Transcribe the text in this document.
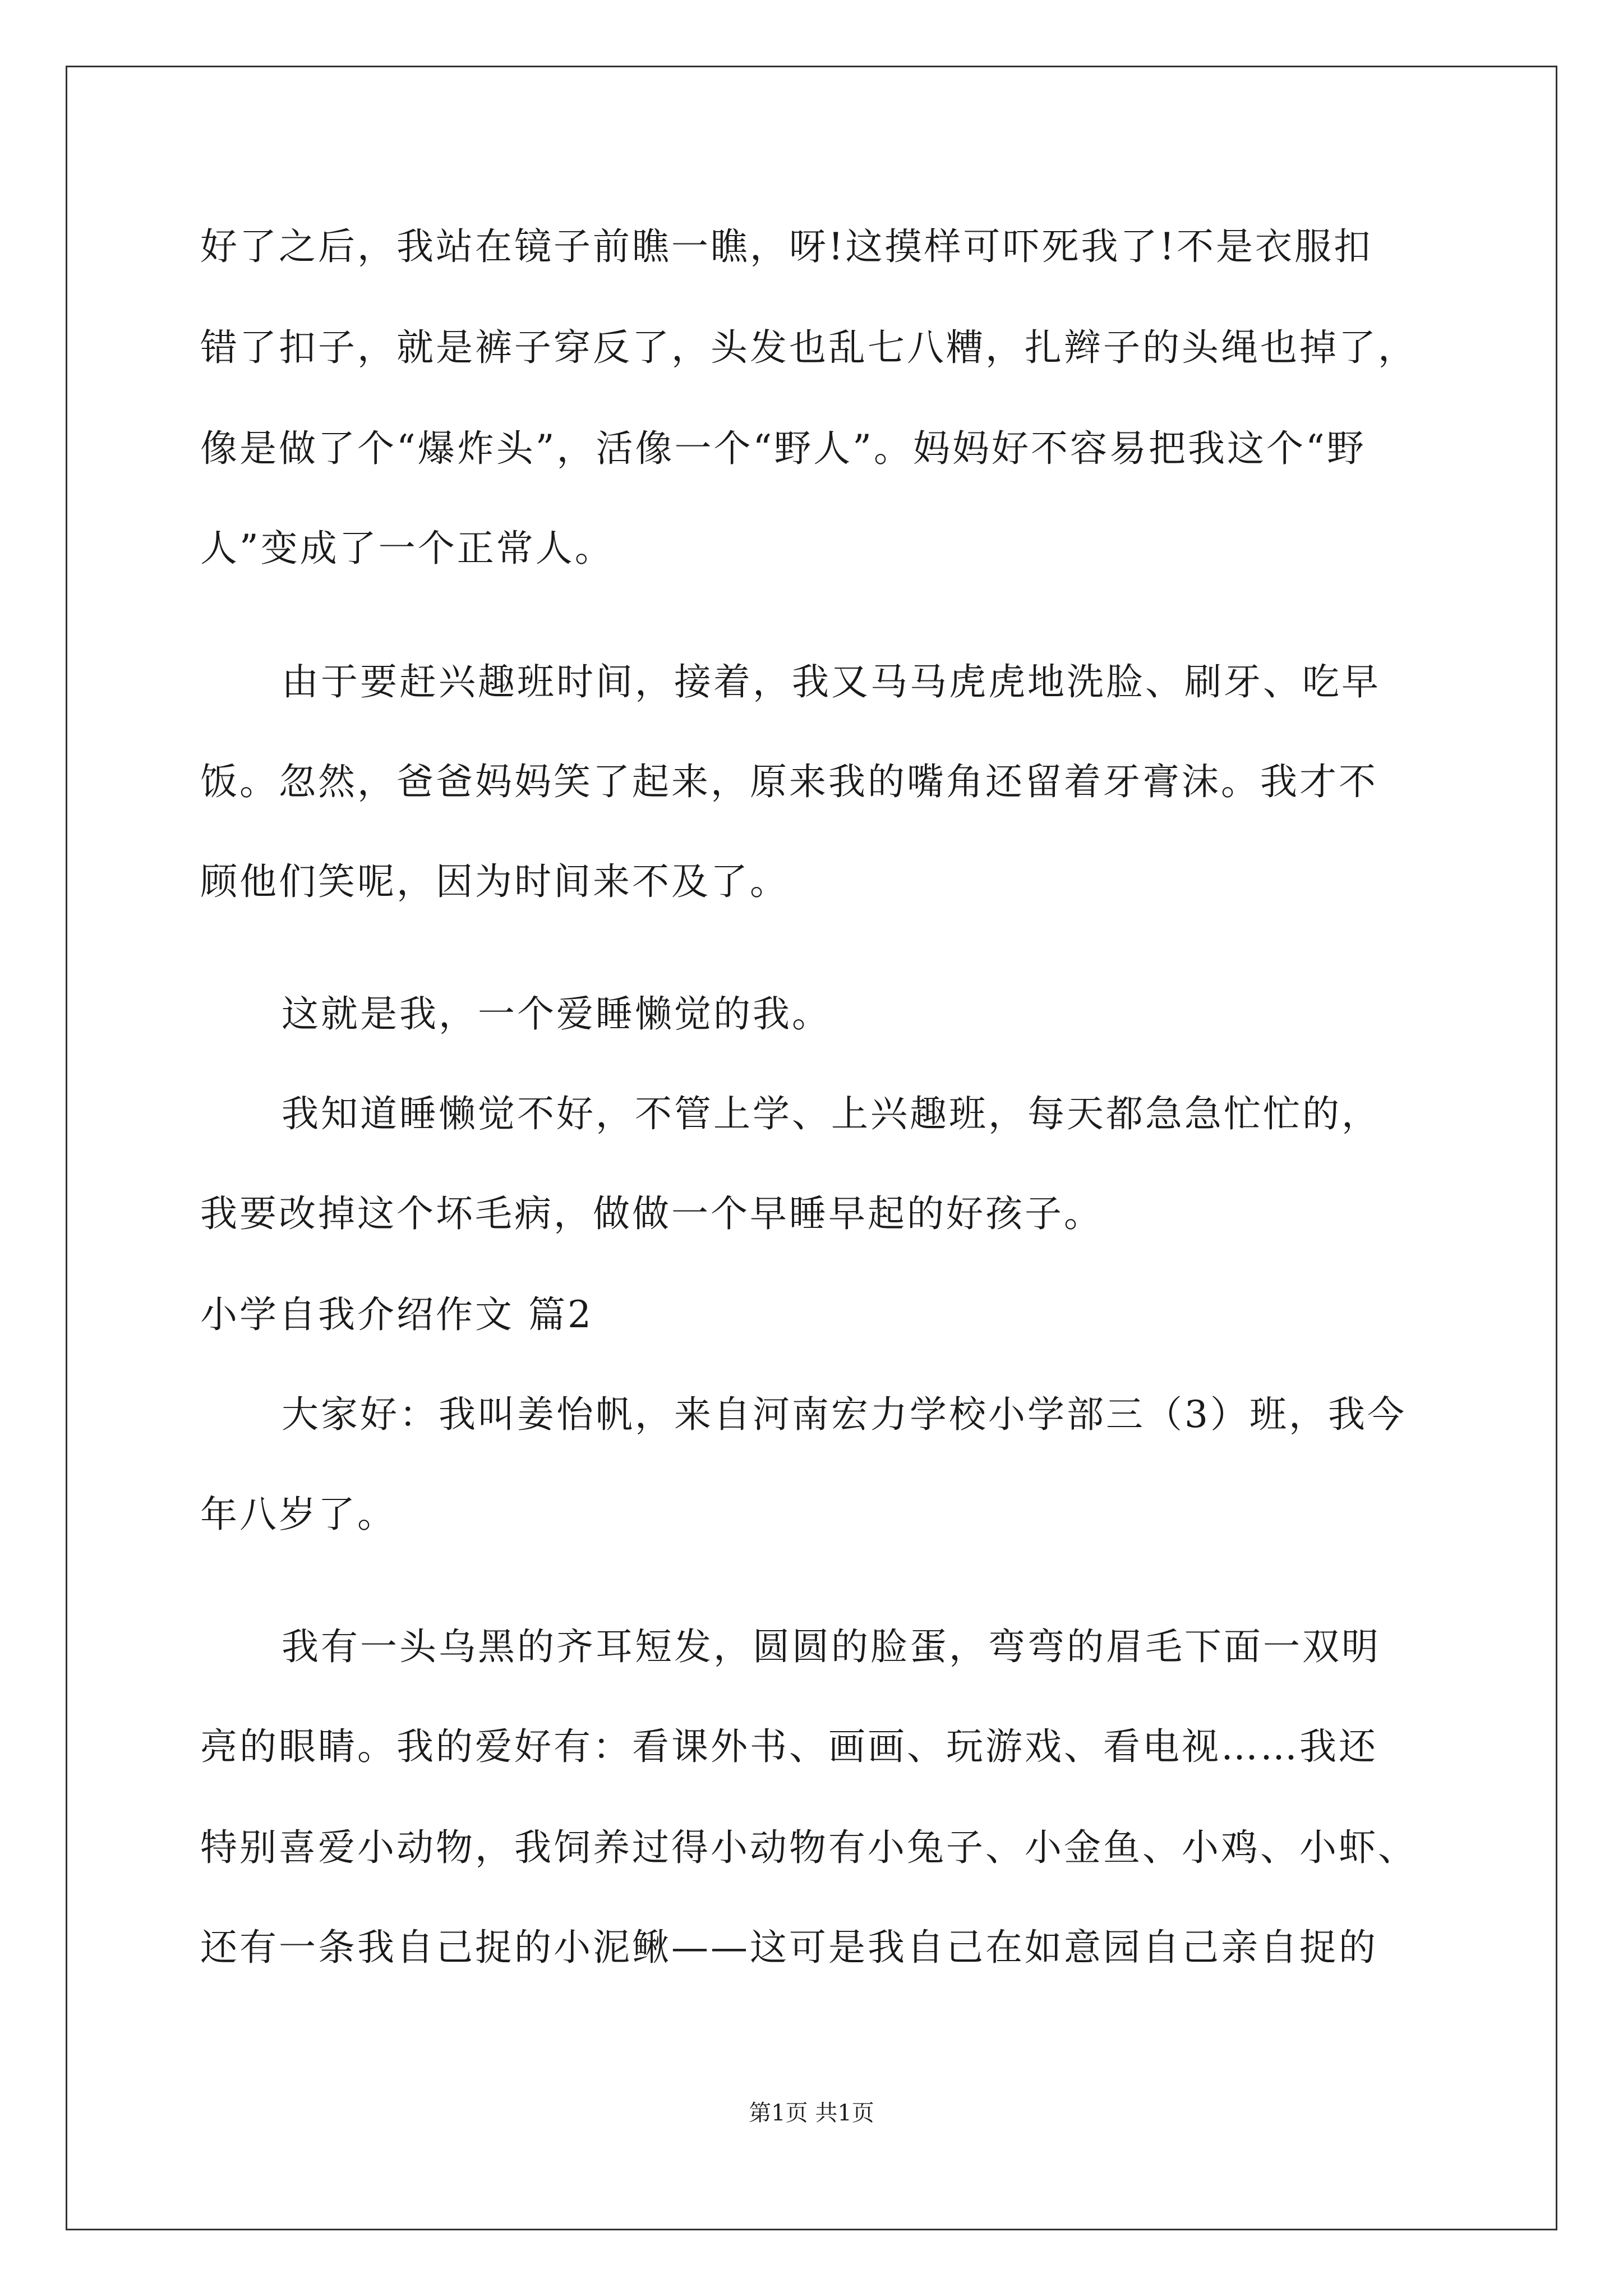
好了之后，我站在镜子前瞧一瞧，呀!这摸样可吓死我了!不是衣服扣
错了扣子，就是裤子穿反了，头发也乱七八糟，扎辫子的头绳也掉了，
像是做了个“爆炸头”，活像一个“野人”。妈妈好不容易把我这个“野
人”变成了一个正常人。
由于要赶兴趣班时间，接着，我又马马虎虎地洗脸、刷牙、吃早
饭。忽然，爸爸妈妈笑了起来，原来我的嘴角还留着牙膏沫。我才不
顾他们笑呢，因为时间来不及了。
这就是我，一个爱睡懒觉的我。
我知道睡懒觉不好，不管上学、上兴趣班，每天都急急忙忙的，
我要改掉这个坏毛病，做做一个早睡早起的好孩子。
小学自我介绍作文 篇2
大家好：我叫姜怡帆，来自河南宏力学校小学部三（3）班，我今
年八岁了。
我有一头乌黑的齐耳短发，圆圆的脸蛋，弯弯的眉毛下面一双明
亮的眼睛。我的爱好有：看课外书、画画、玩游戏、看电视……我还
特别喜爱小动物，我饲养过得小动物有小兔子、小金鱼、小鸡、小虾、
还有一条我自己捉的小泥鳅——这可是我自己在如意园自己亲自捉的
第1页 共1页
